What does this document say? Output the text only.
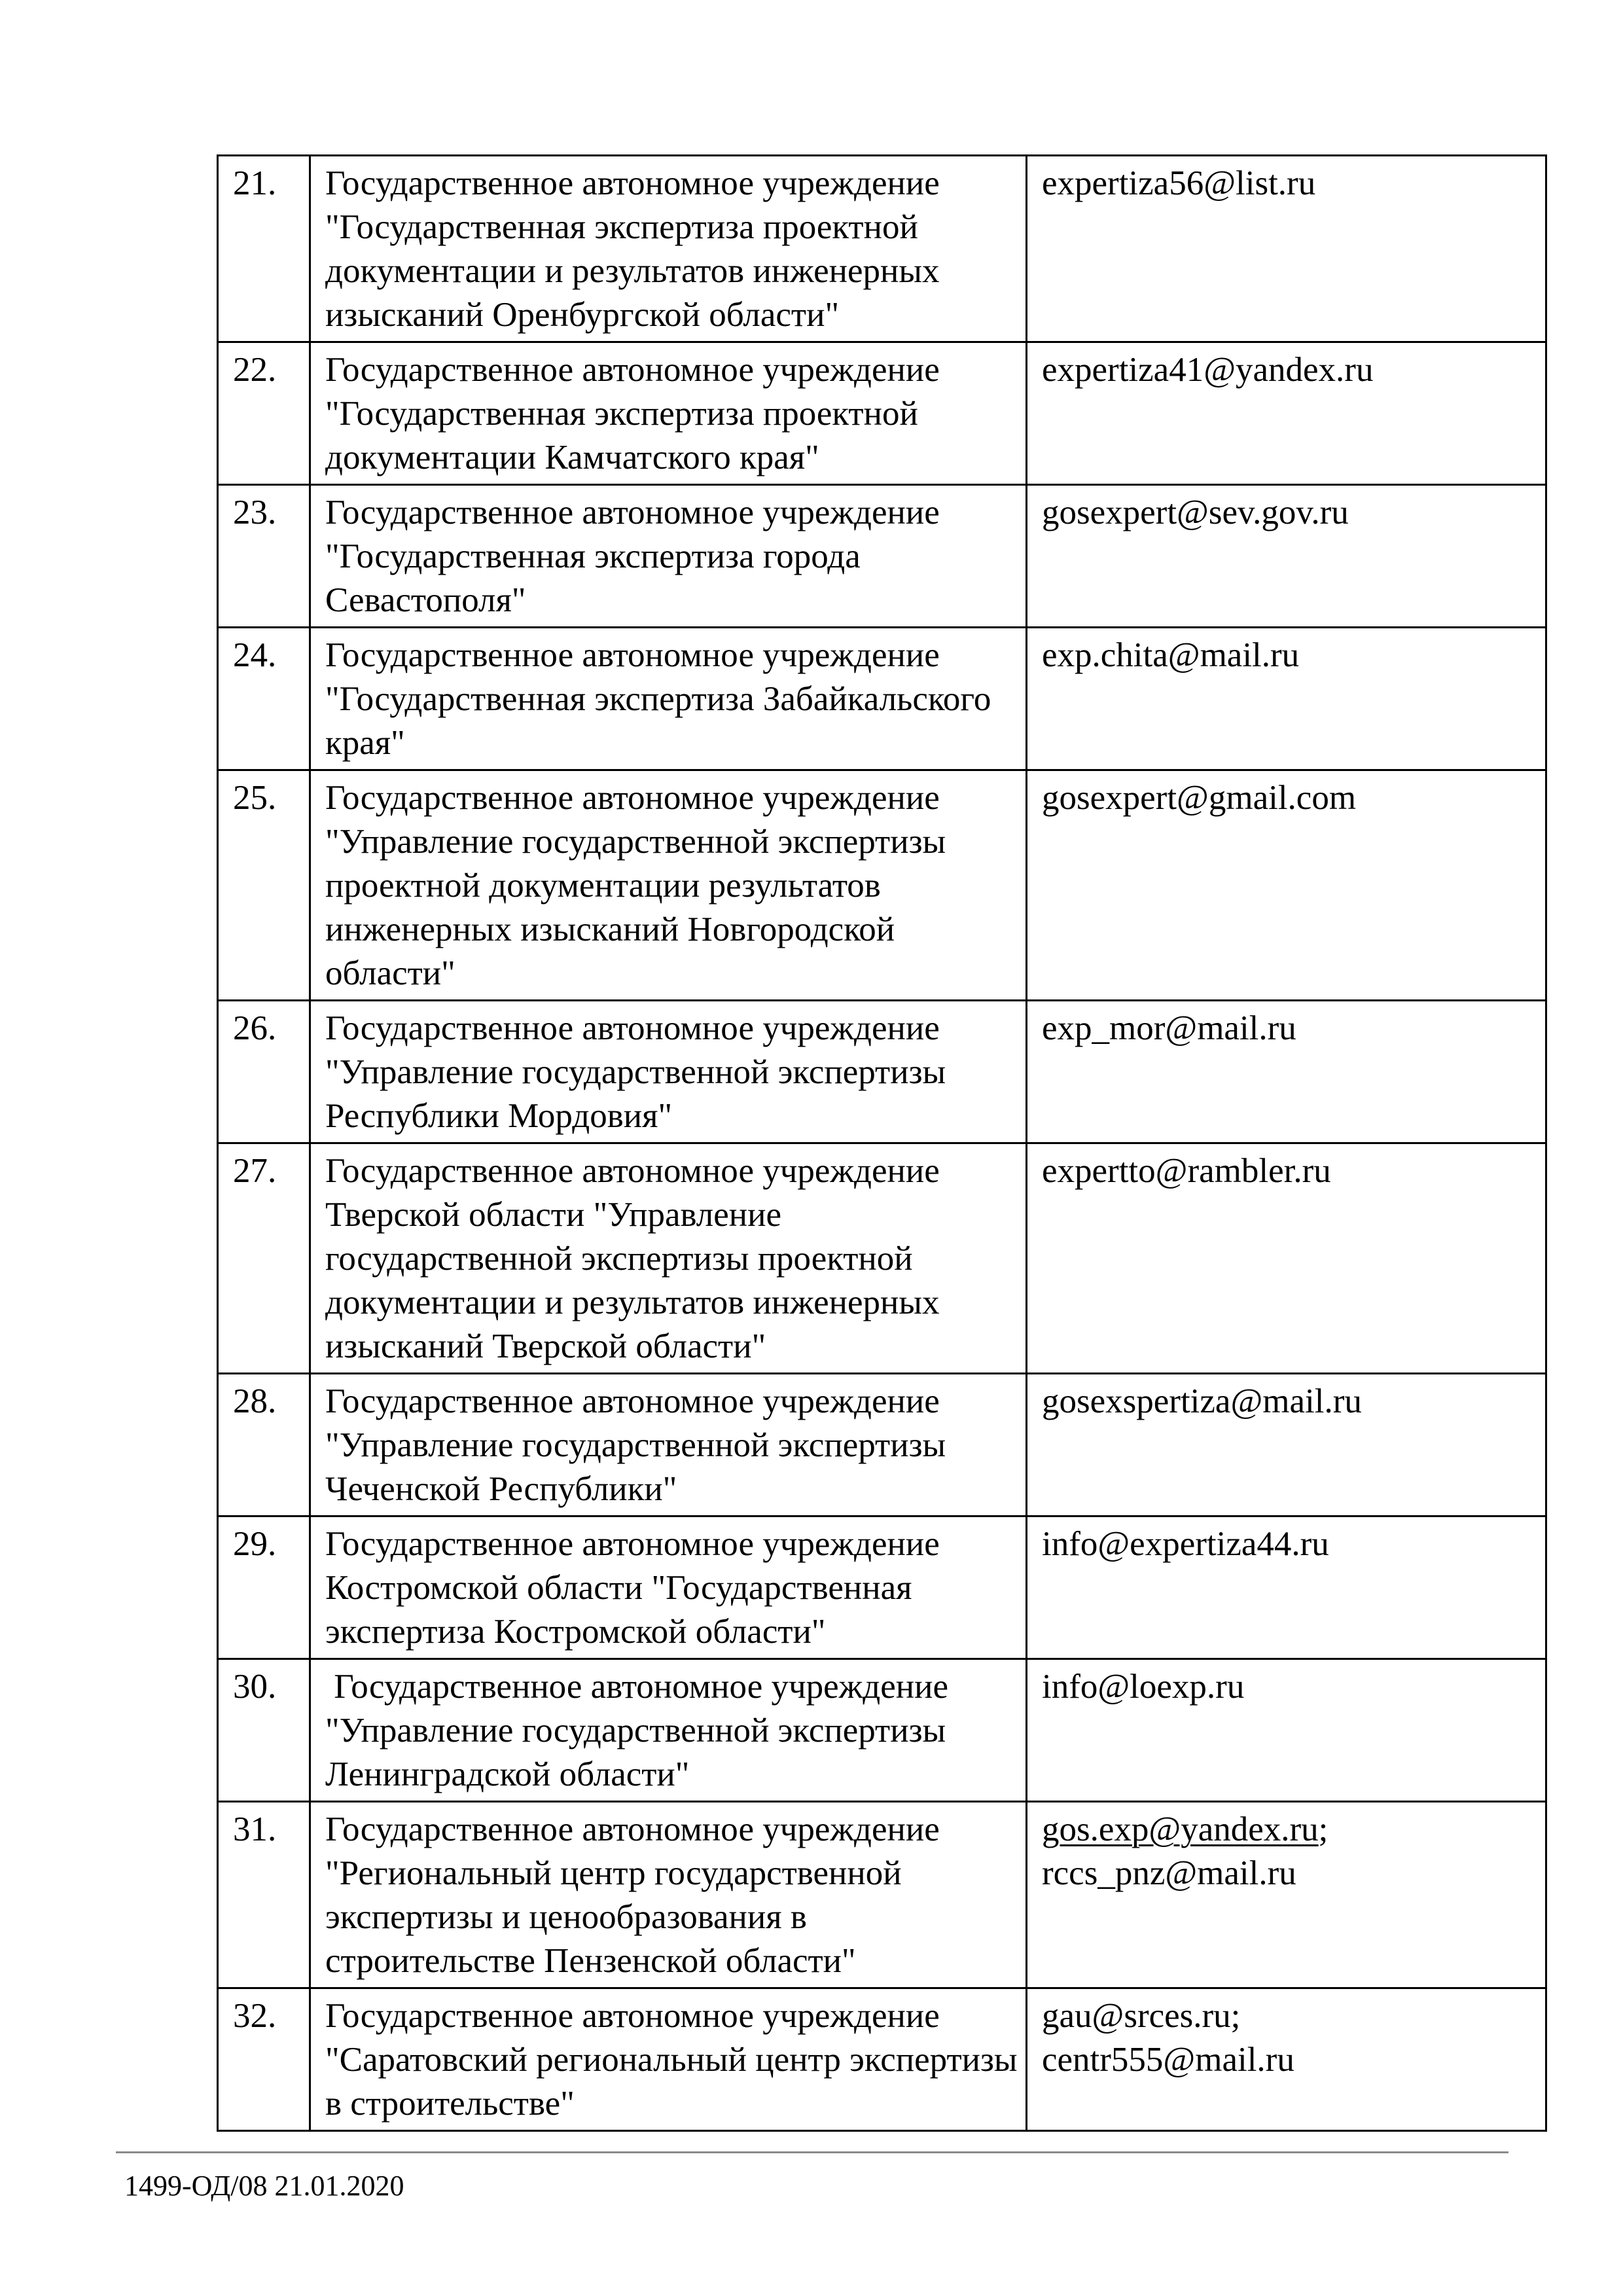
21.	Государственное автономное учреждение "Государственная экспертиза проектной документации и результатов инженерных изысканий Оренбургской области"	expertiza56@list.ru

22.	Государственное автономное учреждение "Государственная экспертиза проектной документации Камчатского края"	expertiza41@yandex.ru

23.	Государственное автономное учреждение "Государственная экспертиза города Севастополя"	gosexpert@sev.gov.ru

24.	Государственное автономное учреждение "Государственная экспертиза Забайкальского края"	exp.chita@mail.ru

25.	Государственное автономное учреждение "Управление государственной экспертизы проектной документации результатов инженерных изысканий Новгородской области"	gosexpert@gmail.com

26.	Государственное автономное учреждение "Управление государственной экспертизы Республики Мордовия"	exp_mor@mail.ru

27.	Государственное автономное учреждение Тверской области "Управление государственной экспертизы проектной документации и результатов инженерных изысканий Тверской области"	expertto@rambler.ru

28.	Государственное автономное учреждение "Управление государственной экспертизы Чеченской Республики"	gosexspertiza@mail.ru

29.	Государственное автономное учреждение Костромской области "Государственная экспертиза Костромской области"	info@expertiza44.ru

30.	Государственное автономное учреждение "Управление государственной экспертизы Ленинградской области"	info@loexp.ru

31.	Государственное автономное учреждение "Региональный центр государственной экспертизы и ценообразования в строительстве Пензенской области"	gos.exp@yandex.ru;
rccs_pnz@mail.ru

32.	Государственное автономное учреждение "Саратовский региональный центр экспертизы в строительстве"	gau@srces.ru;
centr555@mail.ru
1499-ОД/08 21.01.2020
